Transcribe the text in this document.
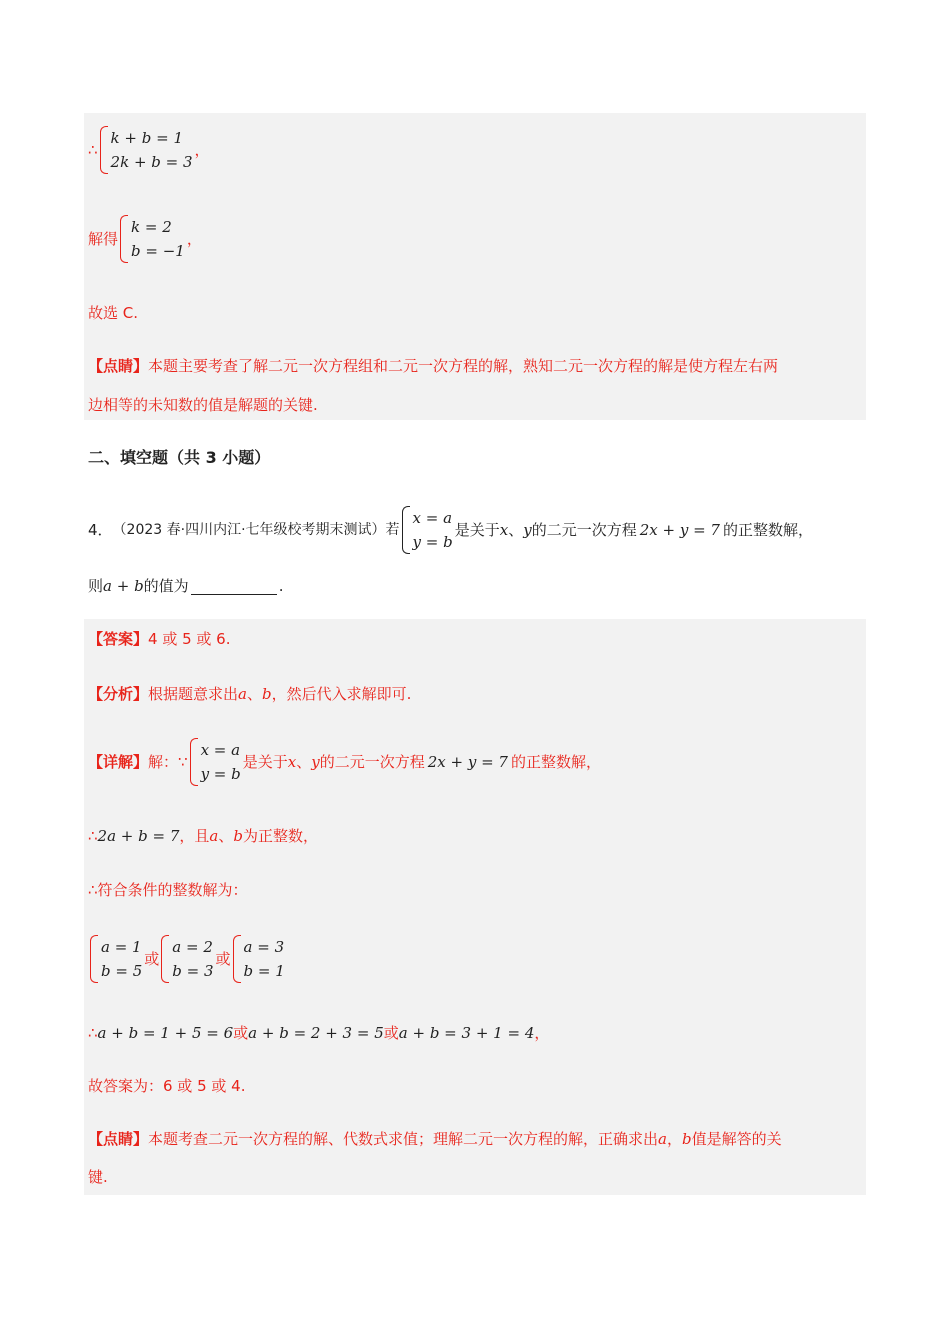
∴
k + b = 1
2k + b = 3
，
解得
k = 2
b = −1
，
故选 C.
【点睛】 本题主要考查了解二元一次方程组和二元一次方程的解，熟知二元一次方程的解是使方程左右两
边相等的未知数的值是解题的关键.
二、填空题（共 3 小题）
4． （2023 春·四川内江·七年级校考期末测试）若
x = a
y = b
是关于 x 、 y 的二元一次方程 2x + y = 7 的正整数解，
则 a + b 的值为	.
【答案】 4 或 5 或 6.
【分析】 根据题意求出 a 、 b ，然后代入求解即可.
【详解】 解：∵
x = a
y = b
是关于 x 、 y 的二元一次方程 2x + y = 7 的正整数解，
∴ 2a + b = 7 ，且 a 、 b 为正整数，
∴符合条件的整数解为：
a = 1
b = 5
或
a = 2
b = 3
或
a = 3
b = 1
∴ a + b = 1 + 5 = 6 或 a + b = 2 + 3 = 5 或 a + b = 3 + 1 = 4 ，
故答案为：6 或 5 或 4.
【点睛】 本题考查二元一次方程的解、代数式求值；理解二元一次方程的解，正确求出 a ， b 值是解答的关
键.
